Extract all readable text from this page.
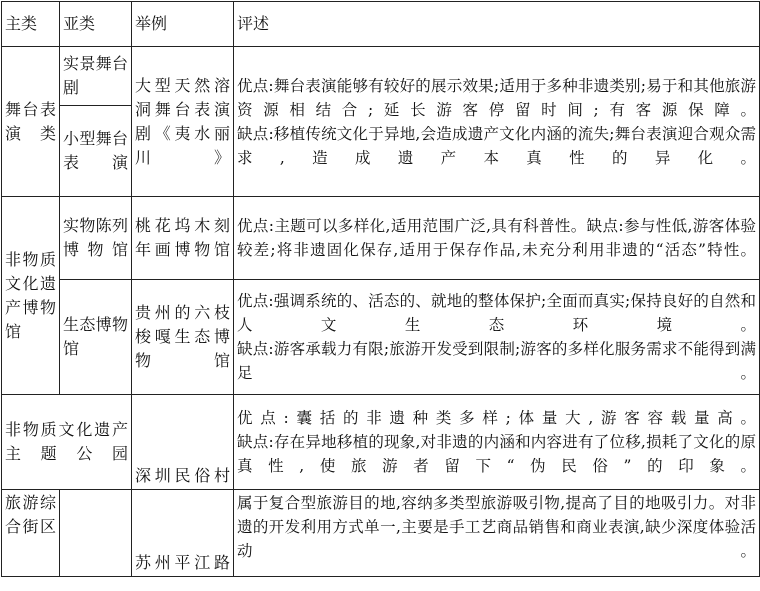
主类	亚类	举例	评述
舞台表演类	实景舞台剧	大型天然溶洞舞台表演剧《夷水丽川》	优点:舞台表演能够有较好的展示效果;适用于多种非遗类别;易于和其他旅游资源相结合;延长游客停留时间;有客源保障。
缺点:移植传统文化于异地,会造成遗产文化内涵的流失;舞台表演迎合观众需求,造成遗产本真性的异化。

	小型舞台表演		
非物质文化遗产博物馆	实物陈列博物馆	桃花坞木刻年画博物馆	优点:主题可以多样化,适用范围广泛,具有科普性。缺点:参与性低,游客体验较差;将非遗固化保存,适用于保存作品,未充分利用非遗的“活态”特性。

	生态博物馆	贵州的六枝梭嘎生态博物馆	优点:强调系统的、活态的、就地的整体保护;全面而真实;保持良好的自然和人文生态环境。
缺点:游客承载力有限;旅游开发受到限制;游客的多样化服务需求不能得到满足。

非物质文化遗产主题公园		深圳民俗村	优点:囊括的非遗种类多样;体量大,游客容载量高。
缺点:存在异地移植的现象,对非遗的内涵和内容进有了位移,损耗了文化的原真性,使旅游者留下“伪民俗”的印象。

旅游综合街区		苏州平江路	属于复合型旅游目的地,容纳多类型旅游吸引物,提高了目的地吸引力。对非遗的开发利用方式单一,主要是手工艺商品销售和商业表演,缺少深度体验活动。
